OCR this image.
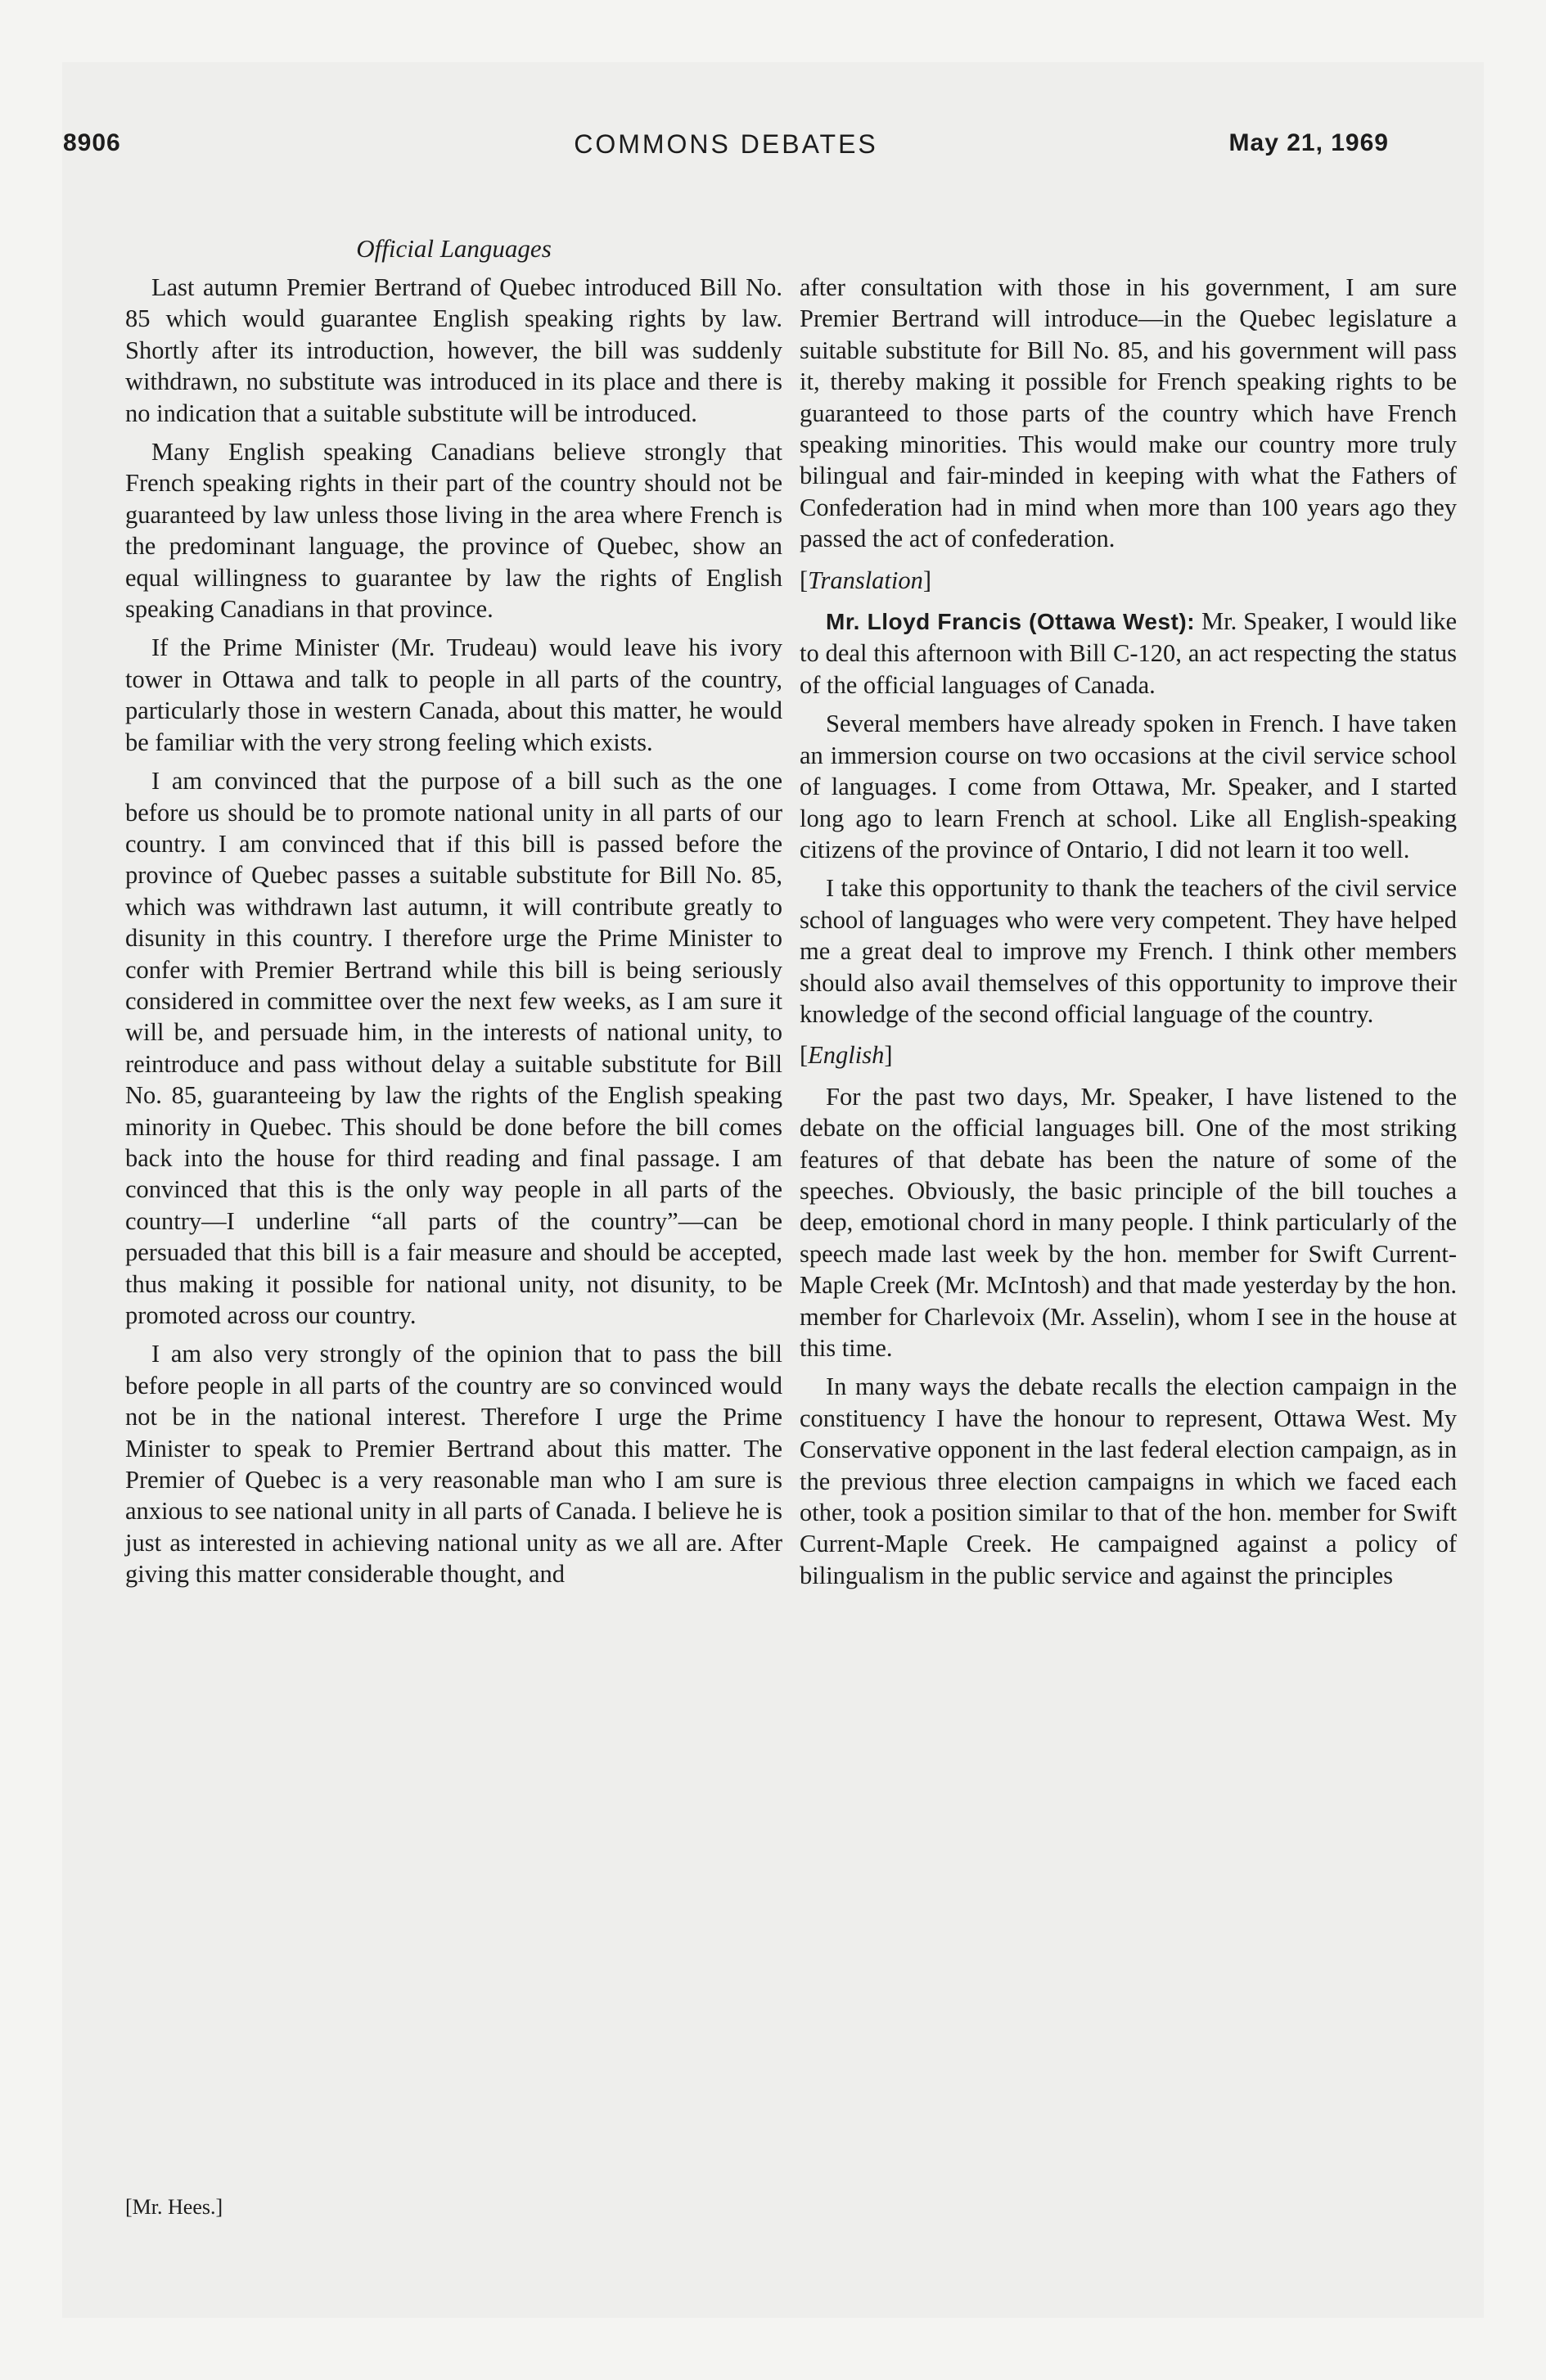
8906	COMMONS DEBATES	May 21, 1969
Official Languages

Last autumn Premier Bertrand of Quebec introduced Bill No. 85 which would guarantee English speaking rights by law. Shortly after its introduction, however, the bill was suddenly withdrawn, no substitute was introduced in its place and there is no indication that a suitable substitute will be introduced.

Many English speaking Canadians believe strongly that French speaking rights in their part of the country should not be guaranteed by law unless those living in the area where French is the predominant language, the province of Quebec, show an equal willingness to guarantee by law the rights of English speaking Canadians in that province.

If the Prime Minister (Mr. Trudeau) would leave his ivory tower in Ottawa and talk to people in all parts of the country, particularly those in western Canada, about this matter, he would be familiar with the very strong feeling which exists.

I am convinced that the purpose of a bill such as the one before us should be to promote national unity in all parts of our country. I am convinced that if this bill is passed before the province of Quebec passes a suitable substitute for Bill No. 85, which was withdrawn last autumn, it will contribute greatly to disunity in this country. I therefore urge the Prime Minister to confer with Premier Bertrand while this bill is being seriously considered in committee over the next few weeks, as I am sure it will be, and persuade him, in the interests of national unity, to reintroduce and pass without delay a suitable substitute for Bill No. 85, guaranteeing by law the rights of the English speaking minority in Quebec. This should be done before the bill comes back into the house for third reading and final passage. I am convinced that this is the only way people in all parts of the country—I underline “all parts of the country”—can be persuaded that this bill is a fair measure and should be accepted, thus making it possible for national unity, not disunity, to be promoted across our country.

I am also very strongly of the opinion that to pass the bill before people in all parts of the country are so convinced would not be in the national interest. Therefore I urge the Prime Minister to speak to Premier Bertrand about this matter. The Premier of Quebec is a very reasonable man who I am sure is anxious to see national unity in all parts of Canada. I believe he is just as interested in achieving national unity as we all are. After giving this matter considerable thought, and

after consultation with those in his government, I am sure Premier Bertrand will introduce—in the Quebec legislature a suitable substitute for Bill No. 85, and his government will pass it, thereby making it possible for French speaking rights to be guaranteed to those parts of the country which have French speaking minorities. This would make our country more truly bilingual and fair-minded in keeping with what the Fathers of Confederation had in mind when more than 100 years ago they passed the act of confederation.

[Translation]

Mr. Lloyd Francis (Ottawa West): Mr. Speaker, I would like to deal this afternoon with Bill C-120, an act respecting the status of the official languages of Canada.

Several members have already spoken in French. I have taken an immersion course on two occasions at the civil service school of languages. I come from Ottawa, Mr. Speaker, and I started long ago to learn French at school. Like all English-speaking citizens of the province of Ontario, I did not learn it too well.

I take this opportunity to thank the teachers of the civil service school of languages who were very competent. They have helped me a great deal to improve my French. I think other members should also avail themselves of this opportunity to improve their knowledge of the second official language of the country.

[English]

For the past two days, Mr. Speaker, I have listened to the debate on the official languages bill. One of the most striking features of that debate has been the nature of some of the speeches. Obviously, the basic principle of the bill touches a deep, emotional chord in many people. I think particularly of the speech made last week by the hon. member for Swift Current-Maple Creek (Mr. McIntosh) and that made yesterday by the hon. member for Charlevoix (Mr. Asselin), whom I see in the house at this time.

In many ways the debate recalls the election campaign in the constituency I have the honour to represent, Ottawa West. My Conservative opponent in the last federal election campaign, as in the previous three election campaigns in which we faced each other, took a position similar to that of the hon. member for Swift Current-Maple Creek. He campaigned against a policy of bilingualism in the public service and against the principles

[Mr. Hees.]
